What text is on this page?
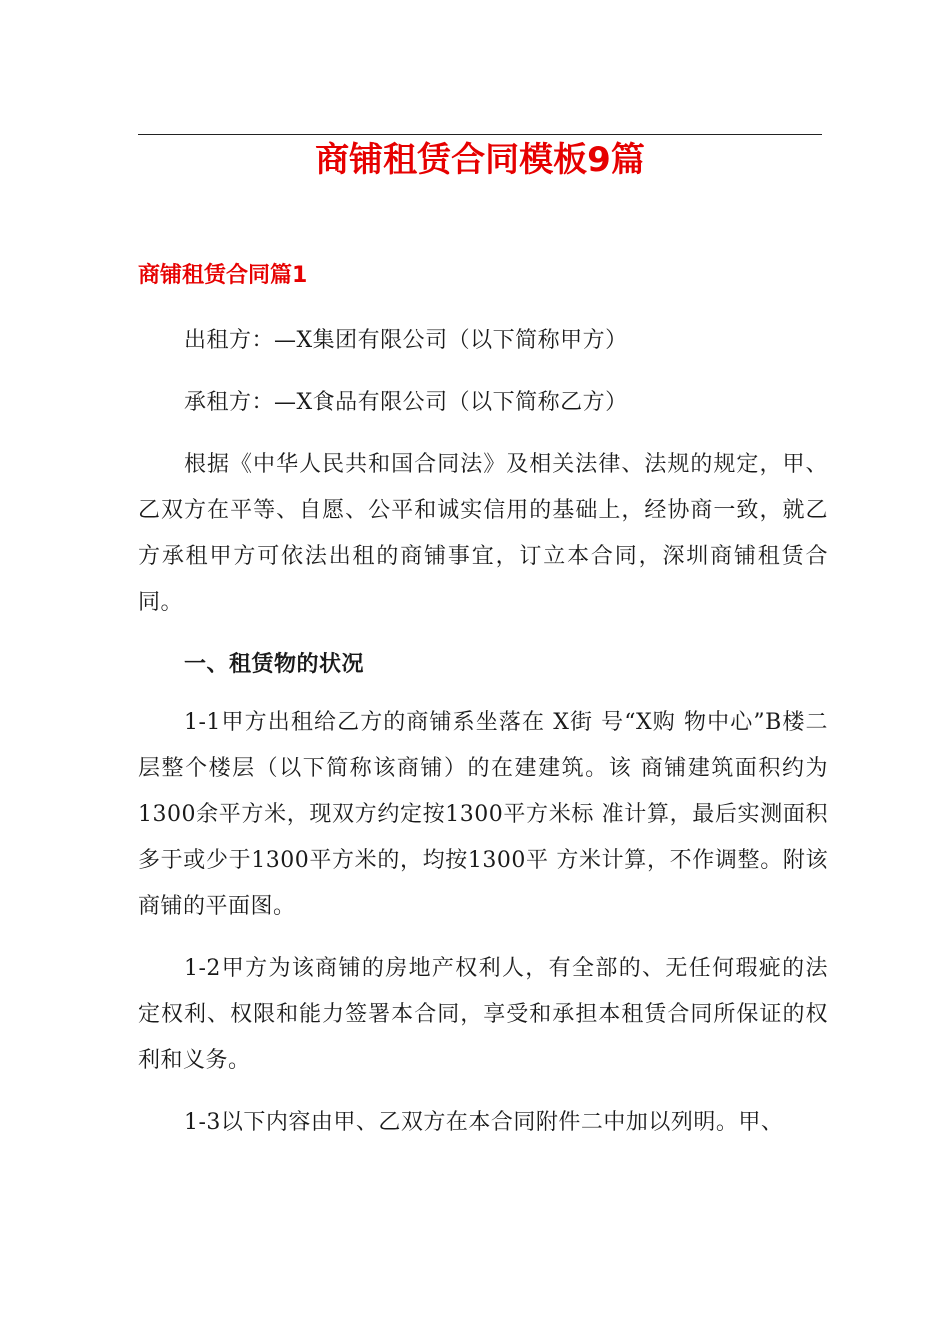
商铺租赁合同模板9篇
商铺租赁合同篇1

出租方：—X集团有限公司（以下简称甲方）

承租方：—X食品有限公司（以下简称乙方）

根据《中华人民共和国合同法》及相关法律、法规的规定，甲、乙双方在平等、自愿、公平和诚实信用的基础上，经协商一致，就乙方承租甲方可依法出租的商铺事宜，订立本合同，深圳商铺租赁合同。

一、租赁物的状况

1-1甲方出租给乙方的商铺系坐落在 X街 号“X购 物中心”B楼二层整个楼层（以下简称该商铺）的在建建筑。该 商铺建筑面积约为1300余平方米，现双方约定按1300平方米标 准计算，最后实测面积多于或少于1300平方米的，均按1300平 方米计算，不作调整。附该商铺的平面图。

1-2甲方为该商铺的房地产权利人，有全部的、无任何瑕疵的法定权利、权限和能力签署本合同，享受和承担本租赁合同所保证的权利和义务。

1-3以下内容由甲、乙双方在本合同附件二中加以列明。甲、
